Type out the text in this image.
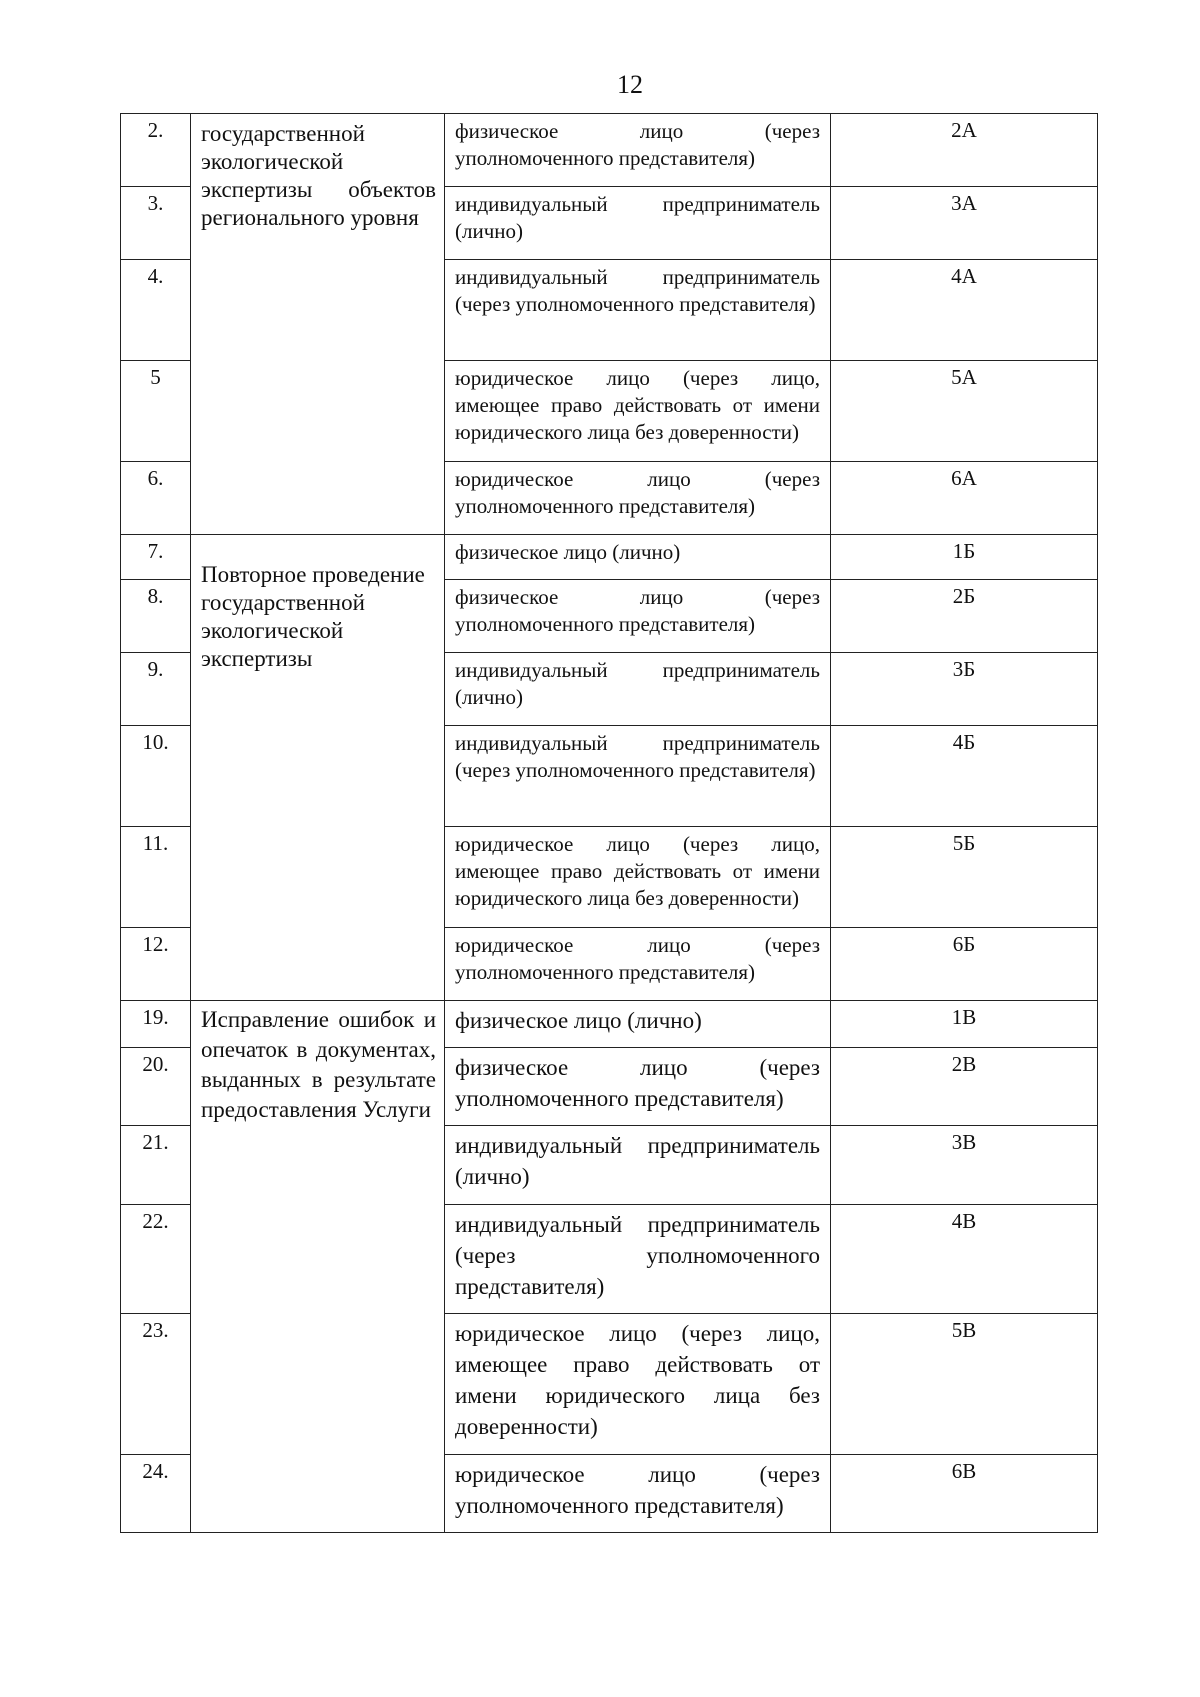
12
2.	государственной экологической экспертизы объектов регионального уровня	физическое лицо (через уполномоченного представителя)	2А
3.		индивидуальный предприниматель (лично)	3А
4.		индивидуальный предприниматель (через уполномоченного представителя)	4А
5		юридическое лицо (через лицо, имеющее право действовать от имени юридического лица без доверенности)	5А
6.		юридическое лицо (через уполномоченного представителя)	6А
7.	Повторное проведение государственной экологической экспертизы	физическое лицо (лично)	1Б
8.		физическое лицо (через уполномоченного представителя)	2Б
9.		индивидуальный предприниматель (лично)	3Б
10.		индивидуальный предприниматель (через уполномоченного представителя)	4Б
11.		юридическое лицо (через лицо, имеющее право действовать от имени юридического лица без доверенности)	5Б
12.		юридическое лицо (через уполномоченного представителя)	6Б
19.	Исправление ошибок и опечаток в документах, выданных в результате предоставления Услуги	физическое лицо (лично)	1В
20.		физическое лицо (через уполномоченного представителя)	2В
21.		индивидуальный предприниматель (лично)	3В
22.		индивидуальный предприниматель (через уполномоченного представителя)	4В
23.		юридическое лицо (через лицо, имеющее право действовать от имени юридического лица без доверенности)	5В
24.		юридическое лицо (через уполномоченного представителя)	6В
